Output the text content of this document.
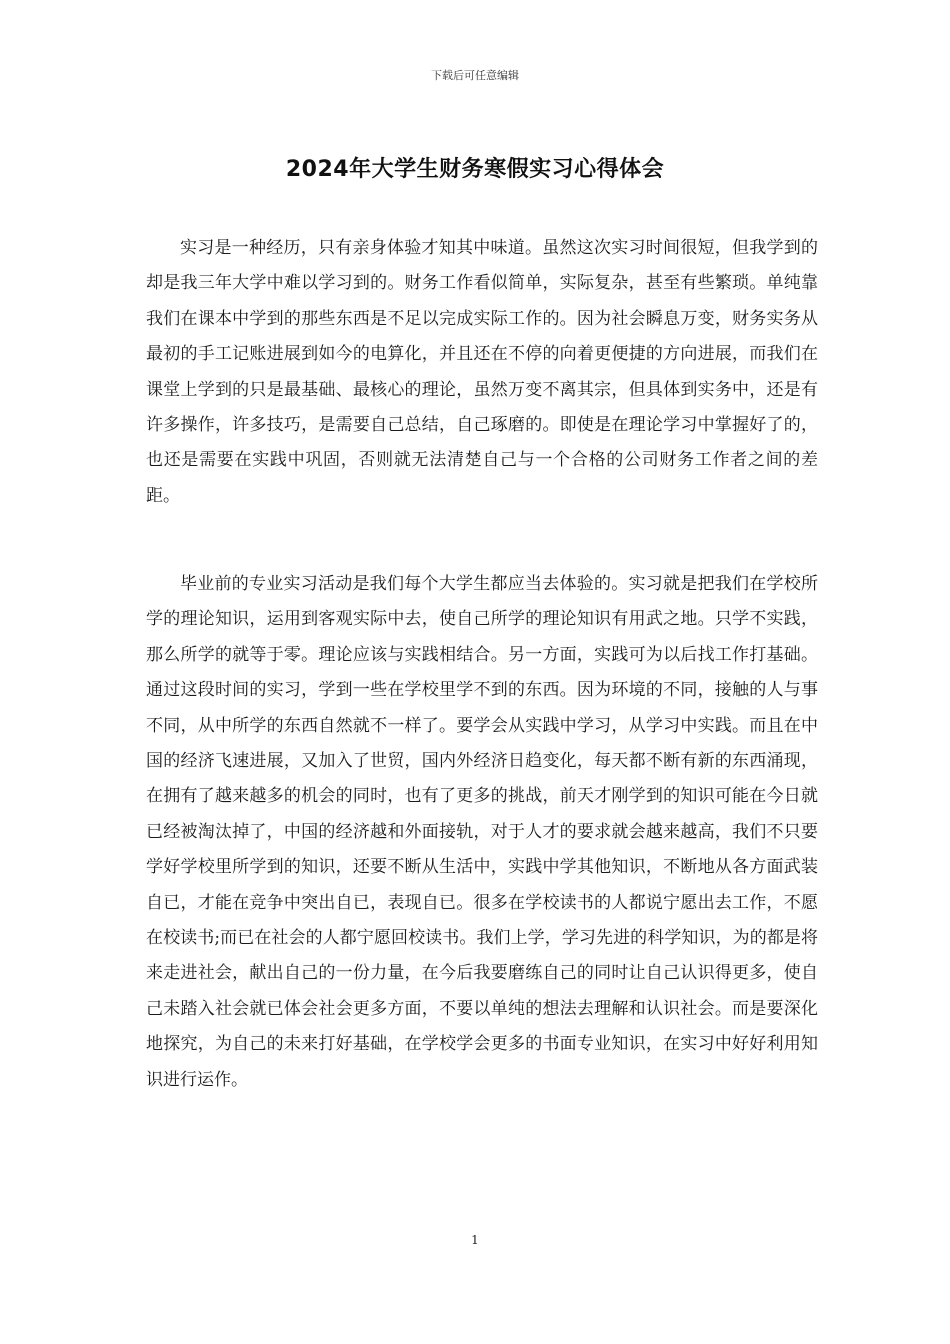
下载后可任意编辑
2024年大学生财务寒假实习心得体会

实习是一种经历，只有亲身体验才知其中味道。虽然这次实习时间很短，但我学到的却是我三年大学中难以学习到的。财务工作看似简单，实际复杂，甚至有些繁琐。单纯靠我们在课本中学到的那些东西是不足以完成实际工作的。因为社会瞬息万变，财务实务从最初的手工记账进展到如今的电算化，并且还在不停的向着更便捷的方向进展，而我们在课堂上学到的只是最基础、最核心的理论，虽然万变不离其宗，但具体到实务中，还是有许多操作，许多技巧，是需要自己总结，自己琢磨的。即使是在理论学习中掌握好了的，也还是需要在实践中巩固，否则就无法清楚自己与一个合格的公司财务工作者之间的差距。

毕业前的专业实习活动是我们每个大学生都应当去体验的。实习就是把我们在学校所学的理论知识，运用到客观实际中去，使自己所学的理论知识有用武之地。只学不实践，那么所学的就等于零。理论应该与实践相结合。另一方面，实践可为以后找工作打基础。通过这段时间的实习，学到一些在学校里学不到的东西。因为环境的不同，接触的人与事不同，从中所学的东西自然就不一样了。要学会从实践中学习，从学习中实践。而且在中国的经济飞速进展，又加入了世贸，国内外经济日趋变化，每天都不断有新的东西涌现，在拥有了越来越多的机会的同时，也有了更多的挑战，前天才刚学到的知识可能在今日就已经被淘汰掉了，中国的经济越和外面接轨，对于人才的要求就会越来越高，我们不只要学好学校里所学到的知识，还要不断从生活中，实践中学其他知识，不断地从各方面武装自已，才能在竞争中突出自已，表现自已。很多在学校读书的人都说宁愿出去工作，不愿在校读书;而已在社会的人都宁愿回校读书。我们上学，学习先进的科学知识，为的都是将来走进社会，献出自己的一份力量，在今后我要磨练自己的同时让自己认识得更多，使自己未踏入社会就已体会社会更多方面，不要以单纯的想法去理解和认识社会。而是要深化地探究，为自己的未来打好基础，在学校学会更多的书面专业知识，在实习中好好利用知识进行运作。

1
